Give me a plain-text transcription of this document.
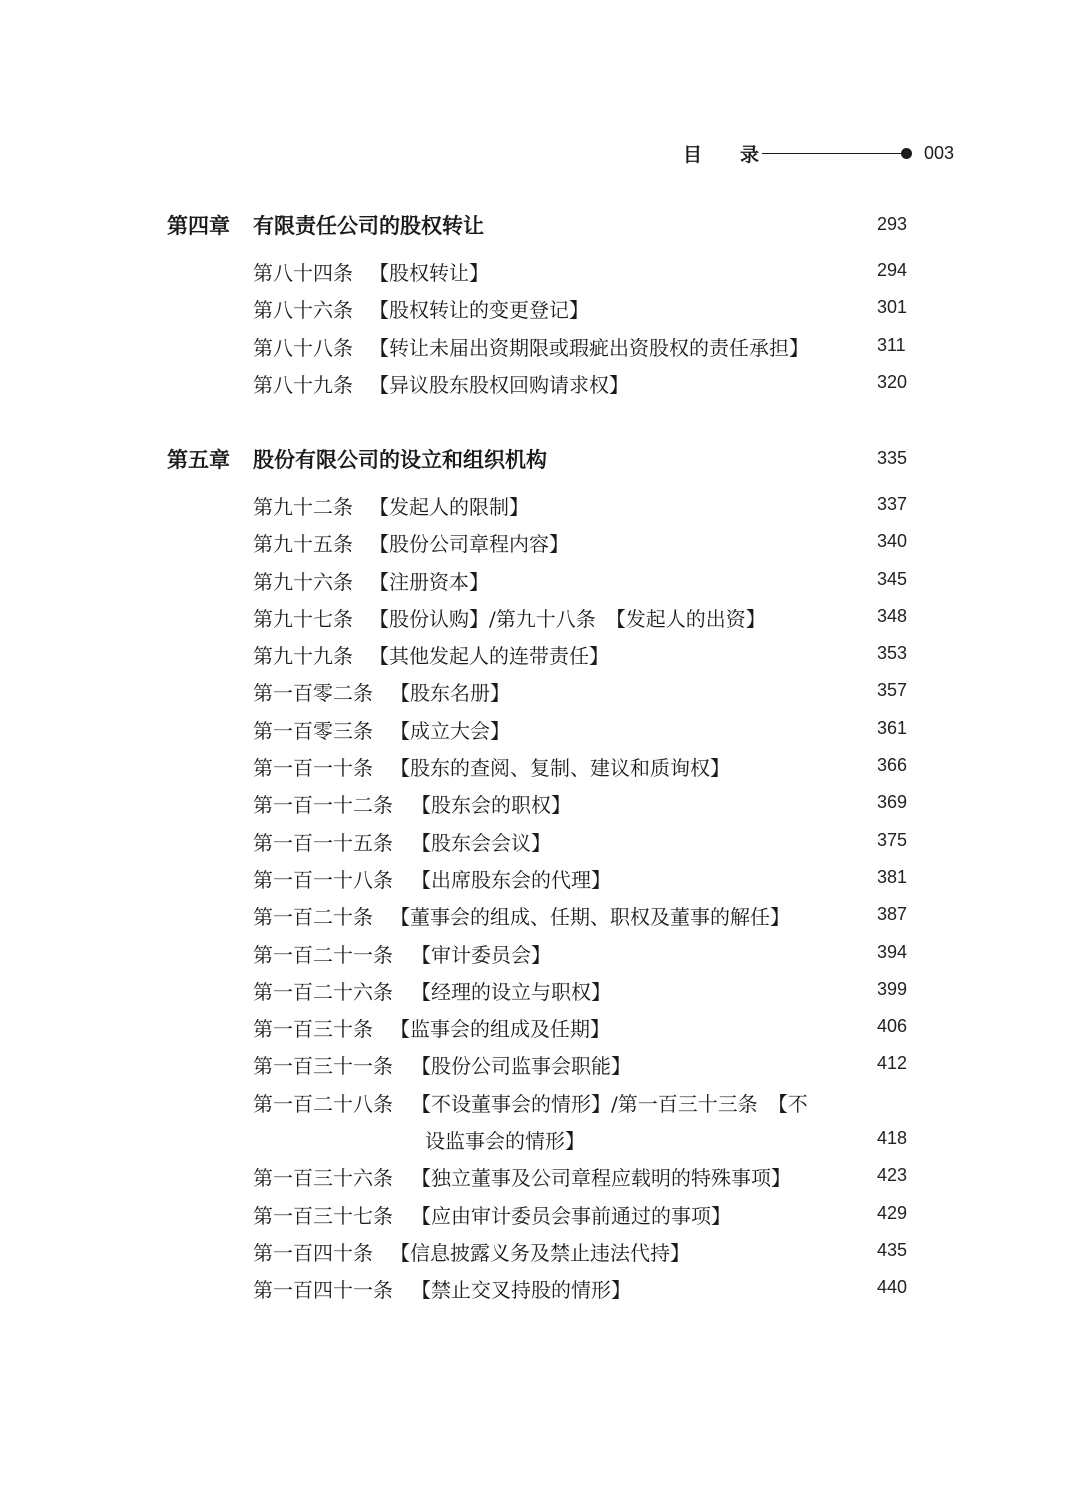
目　　录	003
第四章 有限责任公司的股权转让	293
第八十四条 【股权转让】	294
第八十六条 【股权转让的变更登记】	301
第八十八条 【转让未届出资期限或瑕疵出资股权的责任承担】	311
第八十九条 【异议股东股权回购请求权】	320
第五章 股份有限公司的设立和组织机构	335
第九十二条 【发起人的限制】	337
第九十五条 【股份公司章程内容】	340
第九十六条 【注册资本】	345
第九十七条 【股份认购】/第九十八条　【发起人的出资】	348
第九十九条 【其他发起人的连带责任】	353
第一百零二条 【股东名册】	357
第一百零三条 【成立大会】	361
第一百一十条 【股东的查阅、复制、建议和质询权】	366
第一百一十二条 【股东会的职权】	369
第一百一十五条 【股东会会议】	375
第一百一十八条 【出席股东会的代理】	381
第一百二十条 【董事会的组成、任期、职权及董事的解任】	387
第一百二十一条 【审计委员会】	394
第一百二十六条 【经理的设立与职权】	399
第一百三十条 【监事会的组成及任期】	406
第一百三十一条 【股份公司监事会职能】	412
第一百二十八条 【不设董事会的情形】/第一百三十三条　【不
设监事会的情形】	418
第一百三十六条 【独立董事及公司章程应载明的特殊事项】	423
第一百三十七条 【应由审计委员会事前通过的事项】	429
第一百四十条 【信息披露义务及禁止违法代持】	435
第一百四十一条 【禁止交叉持股的情形】	440
